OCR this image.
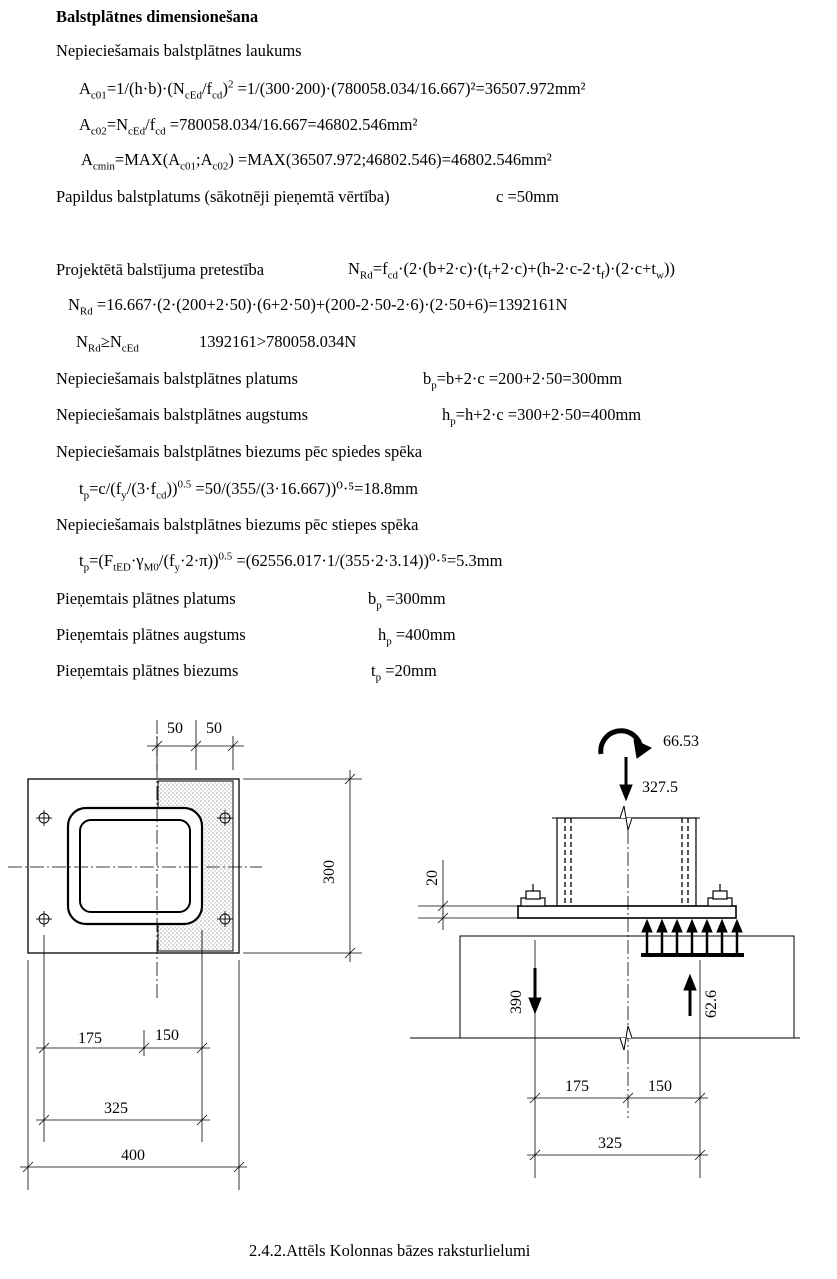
Balstplātnes dimensionešana
Nepieciešamais balstplātnes laukums
$A_{c01}=1/(h\cdot b)\cdot(N_{cEd}/f_{cd})^2 =1/(300\cdot 200)\cdot(780058.034/16.667)^2=36507.972mm^2$
$A_{c02}=N_{cEd}/f_{cd} =780058.034/16.667=46802.546mm^2$
$A_{cmin}=MAX(A_{c01};A_{c02})$ =MAX(36507.972;46802.546)=46802.546mm²
Papildus balstplatums (sākotnēji pieņemtā vērtība)	c =50mm
Projektētā balstījuma pretestība	$N_{Rd}=f_{cd}\cdot(2\cdot(b+2\cdot c)\cdot(t_f+2\cdot c)+(h-2\cdot c-2\cdot t_f)\cdot(2\cdot c+t_w))$
$N_{Rd} =16.667\cdot(2\cdot(200+2\cdot 50)\cdot(6+2\cdot 50)+(200-2\cdot 50-2\cdot 6)\cdot(2\cdot 50+6)=1392161N$
$N_{Rd}\ge N_{cEd}$	1392161>780058.034N
Nepieciešamais balstplātnes platums	$b_p=b+2\cdot c =200+2\cdot 50=300mm$
Nepieciešamais balstplātnes augstums	$h_p=h+2\cdot c =300+2\cdot 50=400mm$
Nepieciešamais balstplātnes biezums pēc spiedes spēka
$t_p=c/(f_y/(3\cdot f_{cd}))^{0.5} =50/(355/(3\cdot 16.667))^0\cdot^5=18.8mm$
Nepieciešamais balstplātnes biezums pēc stiepes spēka
$t_p=(F_{tED}\cdot\gamma_{M0}/(f_y\cdot 2\cdot\pi))^{0.5} =(62556.017\cdot 1/(355\cdot 2\cdot 3.14))^0\cdot^5=5.3mm$
Pieņemtais plātnes platums	$b_p =300mm$
Pieņemtais plātnes augstums	$h_p =400mm$
Pieņemtais plātnes biezums	$t_p =20mm$
50 50
300
175	150
325
400
66.53
327.5
20
390	62.6
175	150
325
2.4.2.Attēls Kolonnas bāzes raksturlielumi
